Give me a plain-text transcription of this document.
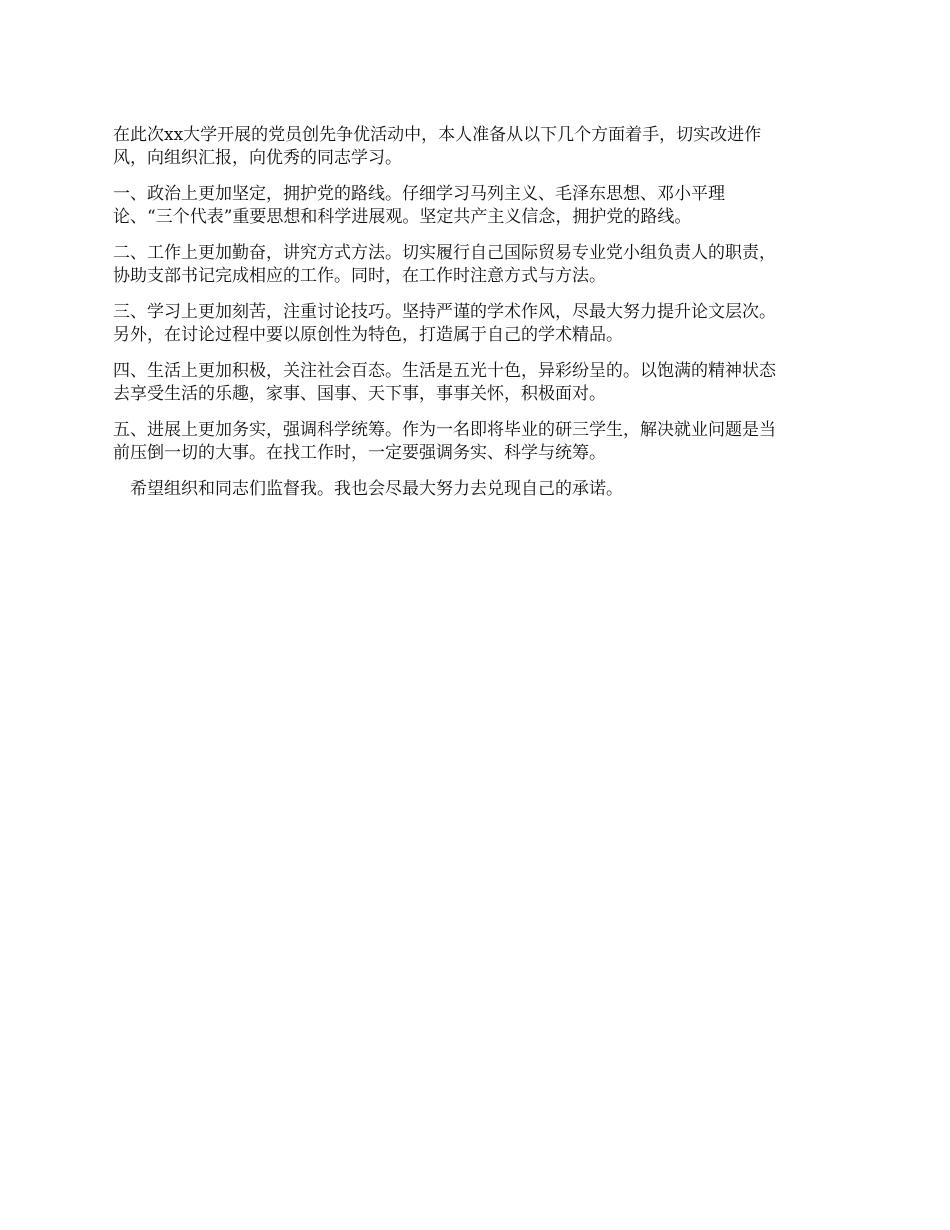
在此次xx大学开展的党员创先争优活动中，本人准备从以下几个方面着手，切实改进作
风，向组织汇报，向优秀的同志学习。

一、政治上更加坚定，拥护党的路线。仔细学习马列主义、毛泽东思想、邓小平理
论、“三个代表”重要思想和科学进展观。坚定共产主义信念，拥护党的路线。

二、工作上更加勤奋，讲究方式方法。切实履行自己国际贸易专业党小组负责人的职责，
协助支部书记完成相应的工作。同时，在工作时注意方式与方法。

三、学习上更加刻苦，注重讨论技巧。坚持严谨的学术作风，尽最大努力提升论文层次。
另外，在讨论过程中要以原创性为特色，打造属于自己的学术精品。

四、生活上更加积极，关注社会百态。生活是五光十色，异彩纷呈的。以饱满的精神状态
去享受生活的乐趣，家事、国事、天下事，事事关怀，积极面对。

五、进展上更加务实，强调科学统筹。作为一名即将毕业的研三学生，解决就业问题是当
前压倒一切的大事。在找工作时，一定要强调务实、科学与统筹。

希望组织和同志们监督我。我也会尽最大努力去兑现自己的承诺。
